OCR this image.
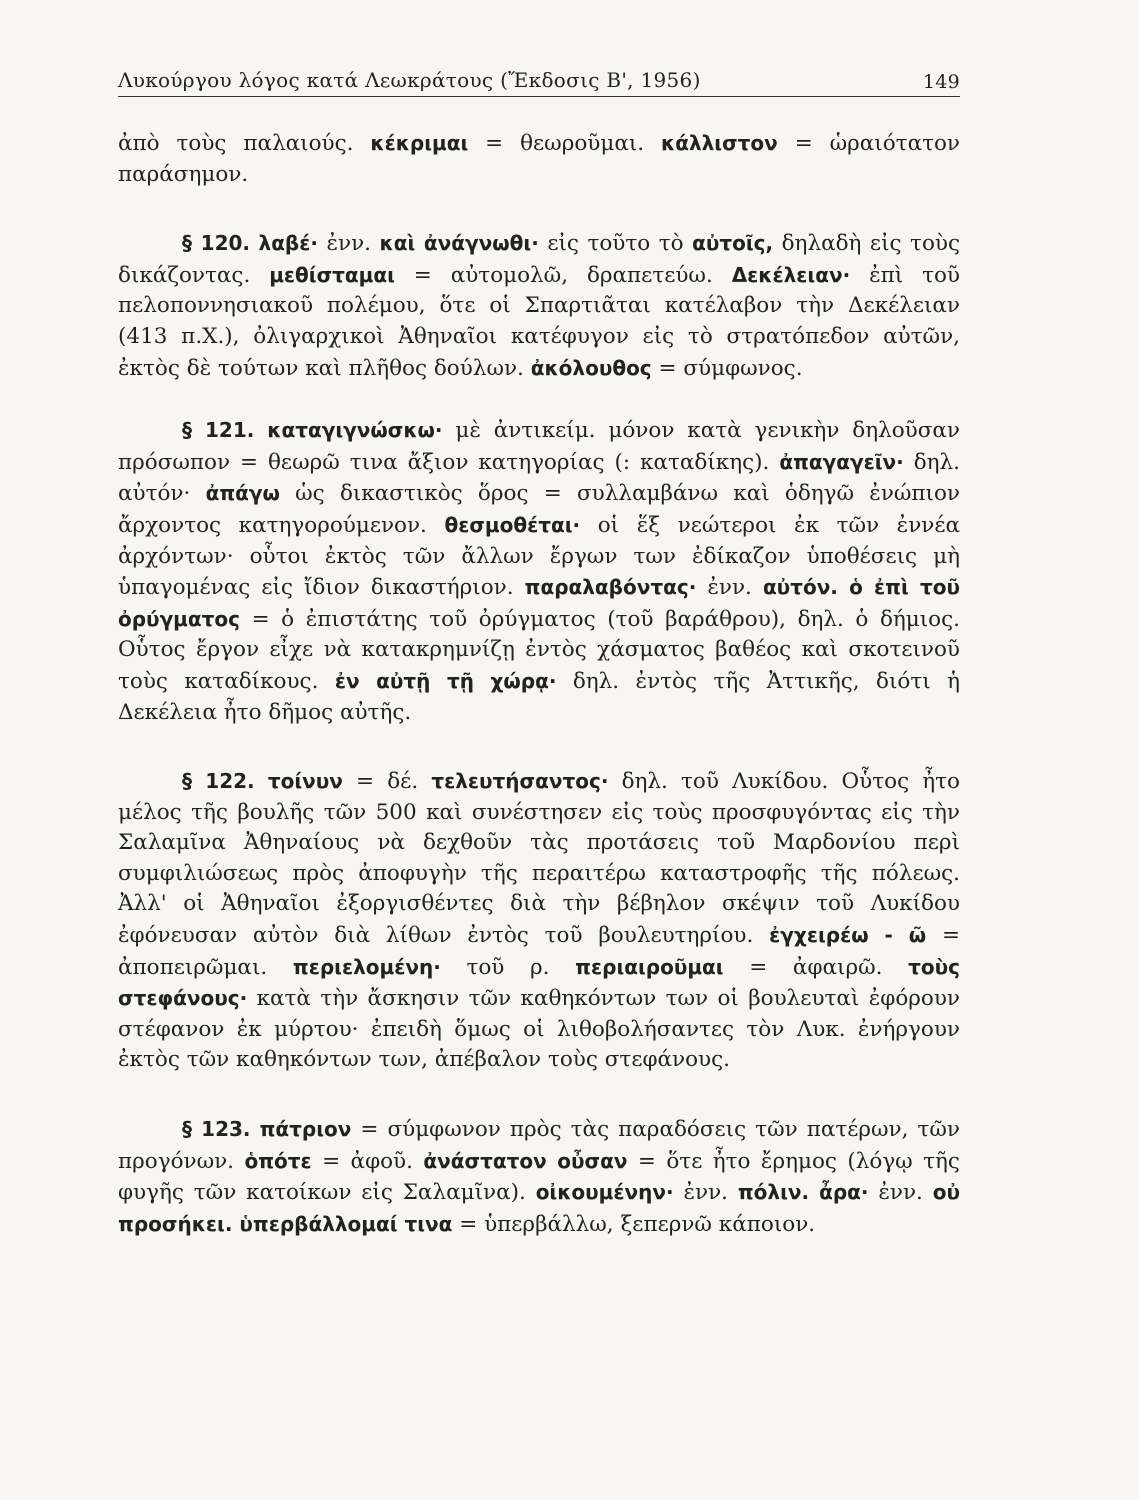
Λυκούργου λόγος κατά Λεωκράτους (Ἔκδοσις Β', 1956)	149

ἀπὸ τοὺς παλαιούς. κέκριμαι = θεωροῦμαι. κάλλιστον = ὡραιότατον παράσημον.

§ 120. λαβέ· ἐνν. καὶ ἀνάγνωθι· εἰς τοῦτο τὸ αὐτοῖς, δηλαδὴ εἰς τοὺς δικάζοντας. μεθίσταμαι = αὐτομολῶ, δραπετεύω. Δεκέλειαν· ἐπὶ τοῦ πελοποννησιακοῦ πολέμου, ὅτε οἱ Σπαρτιᾶται κατέλαβον τὴν Δεκέλειαν (413 π.Χ.), ὀλιγαρχικοὶ Ἀθηναῖοι κατέφυγον εἰς τὸ στρατόπεδον αὐτῶν, ἐκτὸς δὲ τούτων καὶ πλῆθος δούλων. ἀκόλουθος = σύμφωνος.

§ 121. καταγιγνώσκω· μὲ ἀντικείμ. μόνον κατὰ γενικὴν δηλοῦσαν πρόσωπον = θεωρῶ τινα ἄξιον κατηγορίας (: καταδίκης). ἀπαγαγεῖν· δηλ. αὐτόν· ἀπάγω ὡς δικαστικὸς ὅρος = συλλαμβάνω καὶ ὁδηγῶ ἐνώπιον ἄρχοντος κατηγορούμενον. θεσμοθέται· οἱ ἕξ νεώτεροι ἐκ τῶν ἐννέα ἀρχόντων· οὗτοι ἐκτὸς τῶν ἄλλων ἔργων των ἐδίκαζον ὑποθέσεις μὴ ὑπαγομένας εἰς ἴδιον δικαστήριον. παραλαβόντας· ἐνν. αὐτόν. ὁ ἐπὶ τοῦ ὀρύγματος = ὁ ἐπιστάτης τοῦ ὀρύγματος (τοῦ βαράθρου), δηλ. ὁ δήμιος. Οὗτος ἔργον εἶχε νὰ κατακρημνίζῃ ἐντὸς χάσματος βαθέος καὶ σκοτεινοῦ τοὺς καταδίκους. ἐν αὐτῇ τῇ χώρᾳ· δηλ. ἐντὸς τῆς Ἀττικῆς, διότι ἡ Δεκέλεια ἦτο δῆμος αὐτῆς.

§ 122. τοίνυν = δέ. τελευτήσαντος· δηλ. τοῦ Λυκίδου. Οὗτος ἦτο μέλος τῆς βουλῆς τῶν 500 καὶ συνέστησεν εἰς τοὺς προσφυγόντας εἰς τὴν Σαλαμῖνα Ἀθηναίους νὰ δεχθοῦν τὰς προτάσεις τοῦ Μαρδονίου περὶ συμφιλιώσεως πρὸς ἀποφυγὴν τῆς περαιτέρω καταστροφῆς τῆς πόλεως. Ἀλλ' οἱ Ἀθηναῖοι ἐξοργισθέντες διὰ τὴν βέβηλον σκέψιν τοῦ Λυκίδου ἐφόνευσαν αὐτὸν διὰ λίθων ἐντὸς τοῦ βουλευτηρίου. ἐγχειρέω - ῶ = ἀποπειρῶμαι. περιελομένη· τοῦ ρ. περιαιροῦμαι = ἀφαιρῶ. τοὺς στεφάνους· κατὰ τὴν ἄσκησιν τῶν καθηκόντων των οἱ βουλευταὶ ἐφόρουν στέφανον ἐκ μύρτου· ἐπειδὴ ὅμως οἱ λιθοβολήσαντες τὸν Λυκ. ἐνήργουν ἐκτὸς τῶν καθηκόντων των, ἀπέβαλον τοὺς στεφάνους.

§ 123. πάτριον = σύμφωνον πρὸς τὰς παραδόσεις τῶν πατέρων, τῶν προγόνων. ὁπότε = ἀφοῦ. ἀνάστατον οὖσαν = ὅτε ἦτο ἔρημος (λόγῳ τῆς φυγῆς τῶν κατοίκων εἰς Σαλαμῖνα). οἰκουμένην· ἐνν. πόλιν. ἆρα· ἐνν. οὐ προσήκει. ὑπερβάλλομαί τινα = ὑπερβάλλω, ξεπερνῶ κάποιον.
